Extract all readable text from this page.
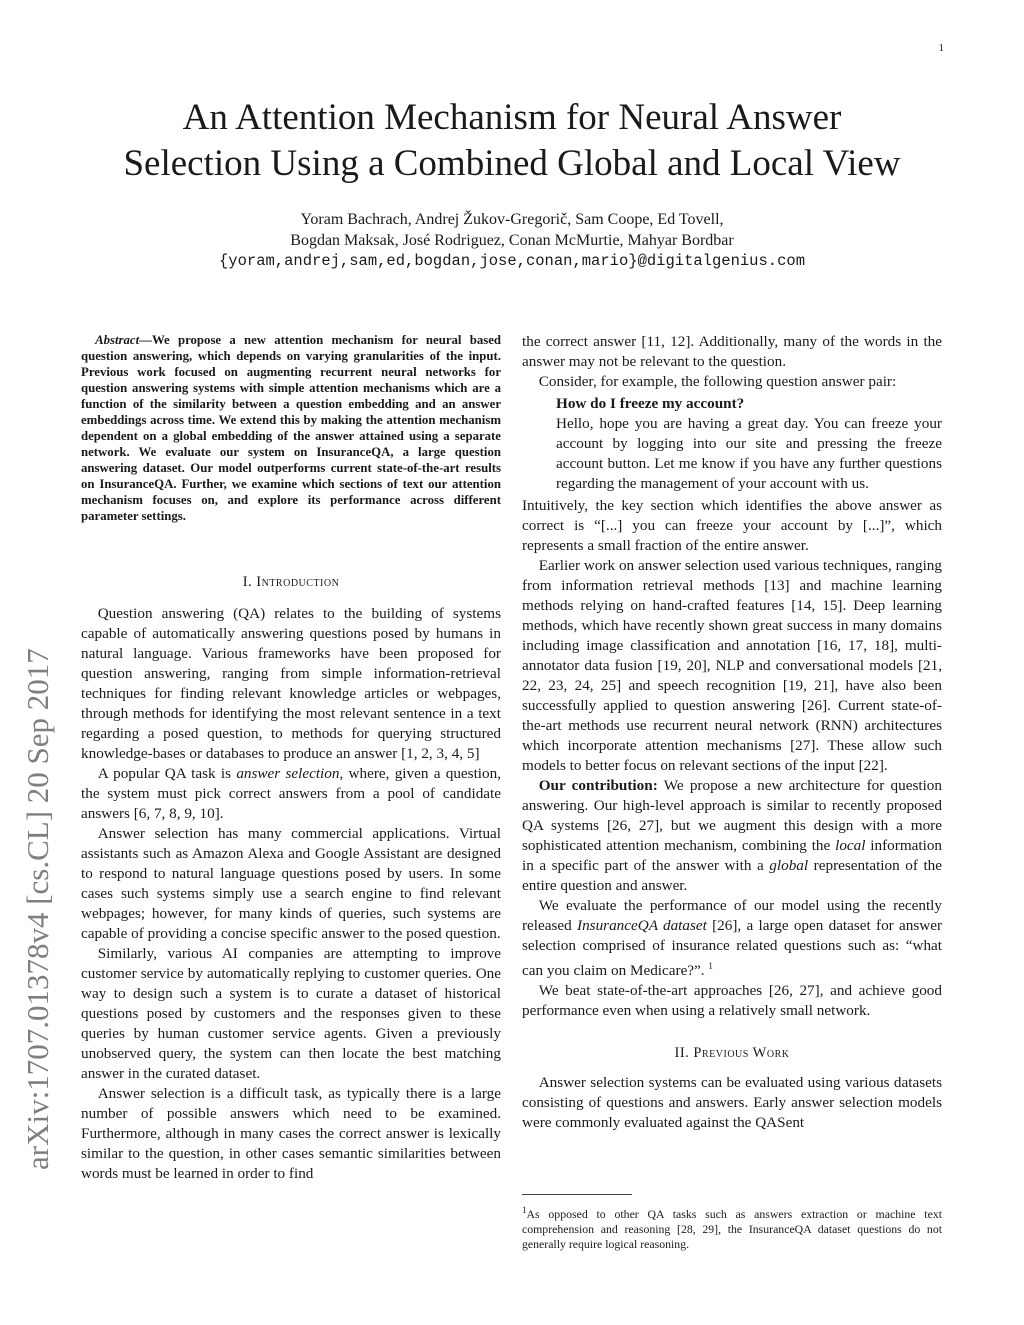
1
An Attention Mechanism for Neural Answer
Selection Using a Combined Global and Local View
Yoram Bachrach, Andrej Žukov-Gregorič, Sam Coope, Ed Tovell,
Bogdan Maksak, José Rodriguez, Conan McMurtie, Mahyar Bordbar
{yoram,andrej,sam,ed,bogdan,jose,conan,mario}@digitalgenius.com
arXiv:1707.01378v4 [cs.CL] 20 Sep 2017

Abstract—We propose a new attention mechanism for neural based question answering, which depends on varying granularities of the input. Previous work focused on augmenting recurrent neural networks for question answering systems with simple attention mechanisms which are a function of the similarity between a question embedding and an answer embeddings across time. We extend this by making the attention mechanism dependent on a global embedding of the answer attained using a separate network. We evaluate our system on InsuranceQA, a large question answering dataset. Our model outperforms current state-of-the-art results on InsuranceQA. Further, we examine which sections of text our attention mechanism focuses on, and explore its performance across different parameter settings.

I. Introduction

Question answering (QA) relates to the building of systems capable of automatically answering questions posed by humans in natural language. Various frameworks have been proposed for question answering, ranging from simple information-retrieval techniques for finding relevant knowledge articles or webpages, through methods for identifying the most relevant sentence in a text regarding a posed question, to methods for querying structured knowledge-bases or databases to produce an answer [1, 2, 3, 4, 5]

A popular QA task is answer selection, where, given a question, the system must pick correct answers from a pool of candidate answers [6, 7, 8, 9, 10].

Answer selection has many commercial applications. Virtual assistants such as Amazon Alexa and Google Assistant are designed to respond to natural language questions posed by users. In some cases such systems simply use a search engine to find relevant webpages; however, for many kinds of queries, such systems are capable of providing a concise specific answer to the posed question.

Similarly, various AI companies are attempting to improve customer service by automatically replying to customer queries. One way to design such a system is to curate a dataset of historical questions posed by customers and the responses given to these queries by human customer service agents. Given a previously unobserved query, the system can then locate the best matching answer in the curated dataset.

Answer selection is a difficult task, as typically there is a large number of possible answers which need to be examined. Furthermore, although in many cases the correct answer is lexically similar to the question, in other cases semantic similarities between words must be learned in order to find

the correct answer [11, 12]. Additionally, many of the words in the answer may not be relevant to the question.

Consider, for example, the following question answer pair:

How do I freeze my account?

Hello, hope you are having a great day. You can freeze your account by logging into our site and pressing the freeze account button. Let me know if you have any further questions regarding the management of your account with us.

Intuitively, the key section which identifies the above answer as correct is “[...] you can freeze your account by [...]”, which represents a small fraction of the entire answer.

Earlier work on answer selection used various techniques, ranging from information retrieval methods [13] and machine learning methods relying on hand-crafted features [14, 15]. Deep learning methods, which have recently shown great success in many domains including image classification and annotation [16, 17, 18], multi-annotator data fusion [19, 20], NLP and conversational models [21, 22, 23, 24, 25] and speech recognition [19, 21], have also been successfully applied to question answering [26]. Current state-of-the-art methods use recurrent neural network (RNN) architectures which incorporate attention mechanisms [27]. These allow such models to better focus on relevant sections of the input [22].

Our contribution: We propose a new architecture for question answering. Our high-level approach is similar to recently proposed QA systems [26, 27], but we augment this design with a more sophisticated attention mechanism, combining the local information in a specific part of the answer with a global representation of the entire question and answer.

We evaluate the performance of our model using the recently released InsuranceQA dataset [26], a large open dataset for answer selection comprised of insurance related questions such as: “what can you claim on Medicare?”. $^1$

We beat state-of-the-art approaches [26, 27], and achieve good performance even when using a relatively small network.

II. Previous Work

Answer selection systems can be evaluated using various datasets consisting of questions and answers. Early answer selection models were commonly evaluated against the QASent

$^1$As opposed to other QA tasks such as answers extraction or machine text comprehension and reasoning [28, 29], the InsuranceQA dataset questions do not generally require logical reasoning.
